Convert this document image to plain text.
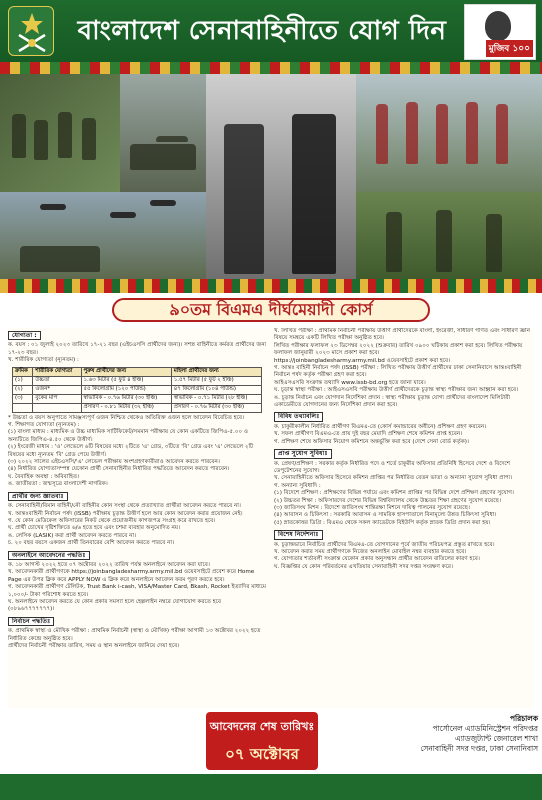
বাংলাদেশ সেনাবাহিনীতে যোগ দিন
মুজিব ১০০
৯০তম বিএমএ দীর্ঘমেয়াদী কোর্স
যোগ্যতা :
ক. বয়স : ০১ জুলাই ২০২৩ তারিখে ১৭-২১ বছর (এইচএসসি প্রার্থীদের জন্য)। সশস্ত্র বাহিনীতে কর্মরত প্রার্থীদের জন্য ১৭-২৩ বছর।
খ. শারীরিক যোগ্যতা (ন্যূনতম) :
ক্রমিক	শারীরিক যোগ্যতা	পুরুষ প্রার্থীদের জন্য	মহিলা প্রার্থীদের জন্য
(১)	উচ্চতা	১.৬৩ মিটার (৫ ফুট ৪ ইঞ্চি)	১.৫৭ মিটার (৫ ফুট ২ ইঞ্চি)
(২)	ওজন*	৫৫ কিলোগ্রাম (১২০ পাউন্ড)	৪৭ কিলোগ্রাম (১০৪ পাউন্ড)
(৩)	বুকের মাপ	স্বাভাবিক - ০.৭৬ মিটার (৩০ ইঞ্চি)	স্বাভাবিক - ০.৭১ মিটার (২৮ ইঞ্চি)
		প্রসারণ - ০.৮১ মিটার (৩২ ইঞ্চি)	প্রসারণ - ০.৭৬ মিটার (৩০ ইঞ্চি)
* উচ্চতা ও বয়স অনুপাতে সামঞ্জস্যপূর্ণ ওজন নিশ্চিত থেকেও অতিরিক্ত ওজন হলে আবেদন বিবেচিত হবে।
গ. শিক্ষাগত যোগ্যতা (ন্যূনতম) :
(১) বাংলা মাধ্যম : মাধ্যমিক ও উচ্চ মাধ্যমিক সার্টিফিকেট/সমমান পরীক্ষায় যে কোন একটিতে জিপিএ-৫.০০ ও অন্যটিতে জিপিএ-৪.৫০ থেকে উত্তীর্ণ।
(২) ইংরেজী মাধ্যম : 'ও' লেভেলে ৬টি বিষয়ের মধ্যে ২টিতে 'এ' গ্রেড, ৩টিতে 'বি' গ্রেড এবং 'এ' লেভেলে ২টি বিষয়ের মধ্যে ন্যূনতম 'বি' গ্রেড পেয়ে উত্তীর্ণ।
(৩) ২০২২ সালের এইচএসসি/'এ' লেভেল পরীক্ষায় অংশগ্রহণকারীরাও আবেদন করতে পারবেন।
(৪) নির্ধারিত যোগ্যতাসম্পন্ন যেকোন প্রার্থী সেনাবাহিনীর নির্ধারিত পদ্ধতিতে আবেদন করতে পারবেন।
ঘ. বৈবাহিক অবস্থা : অবিবাহিত।
ঙ. জাতীয়তা : জন্মসূত্রে বাংলাদেশী নাগরিক।
প্রার্থীর জন্য জ্ঞাতব্যঃ
ক. সেনাবাহিনী/বিমান বাহিনী/নৌ বাহিনীর কোন সংস্থা থেকে প্রত্যাখ্যাত প্রার্থীরা আবেদন করতে পারবে না।
খ. আন্তঃবাহিনী নির্বাচন পর্ষদ (ISSB) পরীক্ষায় চূড়ান্ত উত্তীর্ণ হলে আর কোন আবেদন করার প্রয়োজন নেই।
গ. যে কোন মেডিকেল অফিসারের নিকট থেকে প্রয়োজনীয় কাগজপত্র সংগ্রহ করে রাখতে হবে।
ঘ. প্রার্থী চোখের দৃষ্টিশক্তিতে ৬/৬ হতে হবে এবং চশমা ব্যবহার অনুমোদিত নয়।
ঙ. লেসিক (LASIK) করা প্রার্থী আবেদন করতে পারবে না।
চ. ২০ বছর বয়সে একজন প্রার্থী তিনবারের বেশি আবেদন করতে পারবে না।
অনলাইনে আবেদনের পদ্ধতিঃ
ক. ১৮ আগস্ট ২০২২ হতে ০৭ অক্টোবর ২০২২ তারিখ পর্যন্ত অনলাইনে আবেদন করা যাবে।
খ. আবেদনকারী প্রার্থীগণকে https://joinbangladesharmy.army.mil.bd ওয়েবসাইটে প্রবেশ করে Home Page এর উপর ক্লিক করে APPLY NOW এ ক্লিক করে অনলাইনে আবেদন ফরম পূরণ করতে হবে।
গ. আবেদনকারী প্রার্থীগণ টেলিটক, Trust Bank i-cash, VISA/Master Card, Bkash, Rocket ইত্যাদির মাধ্যমে ১,০০০/- টাকা পরিশোধ করতে হবে।
ঘ. অনলাইনে আবেদন করতে যে কোন প্রকার সমস্যা হলে হেল্পলাইন নম্বরে যোগাযোগ করতে হবে (০৮৯৬৭৭৭৭৭৭৭)।
নির্বাচন পদ্ধতিঃ
ক. প্রাথমিক স্বাস্থ্য ও মৌখিক পরীক্ষা : প্রাথমিক নির্বাচনী (স্বাস্থ্য ও মৌখিক) পরীক্ষা আগামী ১৩ অক্টোবর ২০২২ হতে নির্ধারিত কেন্দ্রে অনুষ্ঠিত হবে।
প্রার্থীদের নির্বাচনী পরীক্ষার তারিখ, সময় ও স্থান অনলাইনে জানিয়ে দেয়া হবে।
খ. লিখিত পরীক্ষা : প্রাথমিক নির্বাচনী পরীক্ষায় উত্তীর্ণ প্রার্থীদেরকে বাংলা, ইংরেজী, সাধারণ গণিত এবং সাধারণ জ্ঞান বিষয়ে সমন্বয়ে একটি লিখিত পরীক্ষা অনুষ্ঠিত হবে।
লিখিত পরীক্ষার ফলাফল ২৩ ডিসেম্বর ২০২২ (শুক্রবার) তারিখ ০৯০০ ঘটিকায় প্রকাশ করা হবে। লিখিত পরীক্ষায় ফলাফল জানুয়ারী ২০২৩ মাসে প্রকাশ করা হবে।
https://joinbangladesharmy.army.mil.bd ওয়েবসাইটে প্রকাশ করা হবে।
গ. আন্তঃ বাহিনী নির্বাচন পর্ষদ (ISSB) পরীক্ষা : লিখিত পরীক্ষায় উত্তীর্ণ প্রার্থীদের ঢাকা সেনানিবাসে আন্তঃবাহিনী নির্বাচন পর্ষদ কর্তৃক পরীক্ষা গ্রহণ করা হবে।
আইএসএসবি সংক্রান্ত তথ্যাদি www.issb-bd.org হতে জানা যাবে।
ঘ. চূড়ান্ত স্বাস্থ্য পরীক্ষা : আইএসএসবি পরীক্ষায় উত্তীর্ণ প্রার্থীদেরকে চূড়ান্ত স্বাস্থ্য পরীক্ষার জন্য আহ্বান করা হবে।
ঙ. চূড়ান্ত নির্বাচন এবং যোগদান নির্দেশিকা প্রদান : স্বাস্থ্য পরীক্ষায় চূড়ান্ত যোগ্য প্রার্থীদের বাংলাদেশ মিলিটারী একাডেমীতে যোগদানের জন্য নির্দেশিকা প্রদান করা হবে।
বিবিধ তথ্যাবলিঃ
ক. চাকুরীকালীন নির্ধারিত প্রার্থীগণ বিএমএ-তে (কোর্স কমান্ডারের অধীনে) প্রশিক্ষণ গ্রহণ করবেন।
খ. সফল প্রার্থীগণ বিএমএ-তে প্রায় দুই বছর মেয়াদি প্রশিক্ষণ শেষে কমিশন প্রাপ্ত হবেন।
গ. প্রশিক্ষণ শেষে অফিসার নিয়োগ কমিশনে অন্তর্ভুক্তি করা হবে (দেশে সেনা বোর্ড কর্তৃক)।
প্রাপ্ত সুযোগ সুবিধাঃ
ক. প্রেষণ/প্রশিক্ষণ : সরকার কর্তৃক নির্ধারিত পদে ও শর্তে চাকুরীর অফিসার প্রতিনিধি হিসেবে দেশে ও বিদেশে ডেপুটেশনের সুযোগ।
খ. সেনাবাহিনীতে অফিসার হিসেবে কমিশন প্রাপ্তির পর নির্ধারিত বেতন ভাতা ও অন্যান্য সুযোগ সুবিধা প্রাপ্য।
গ. অন্যান্য সুবিধাদি :
(১) বিদেশে প্রশিক্ষণ : প্রশিক্ষণের বিভিন্ন পর্যায়ে এবং কমিশন প্রাপ্তির পর বিভিন্ন দেশে প্রশিক্ষণ গ্রহণের সুযোগ।
(২) উচ্চতর শিক্ষা : অফিসারদের দেশের বিভিন্ন বিশ্ববিদ্যালয় থেকে উচ্চতর শিক্ষা গ্রহণের সুযোগ রয়েছে।
(৩) জাতিসংঘ মিশন : বিদেশে জাতিসংঘ শান্তিরক্ষা মিশনে দায়িত্ব পালনের সুযোগ রয়েছে।
(৪) আবাসন ও চিকিৎসা : সরকারি আবাসন ও সামরিক হাসপাতালে বিনামূল্যে উন্নত চিকিৎসা সুবিধা।
(৫) স্নাতকোত্তর ডিগ্রি : বিএমএ থেকে সকল ক্যাডেটকে বিইউপি কর্তৃক স্নাতক ডিগ্রি প্রদান করা হয়।
বিশেষ নির্দেশনাঃ
ক. চূড়ান্তভাবে নির্বাচিত প্রার্থীদের বিএমএ-তে যোগদানের পূর্বে জাতীয় পরিচয়পত্র প্রস্তুত রাখতে হবে।
খ. আবেদন করার সময় প্রার্থীগণকে নিজের অনলাইন মোবাইল নম্বর ব্যবহার করতে হবে।
গ. যোগ্যতার শর্তাবলী সংক্রান্ত যেকোন প্রকার অনুসন্ধান প্রার্থীর আবেদন বাতিলের কারণ হবে।
ঘ. বিজ্ঞপ্তির যে কোন পরিবর্তনের এখতিয়ার সেনাবাহিনী সদর দপ্তর সংরক্ষণ করে।
আবেদনের শেষ তারিখঃ
০৭ অক্টোবর
পরিচালক
পার্সোনেল এ্যাডমিনিস্ট্রেশন পরিদপ্তর
এ্যাডজুট্যান্ট জেনারেল শাখা
সেনাবাহিনী সদর দপ্তর, ঢাকা সেনানিবাস
